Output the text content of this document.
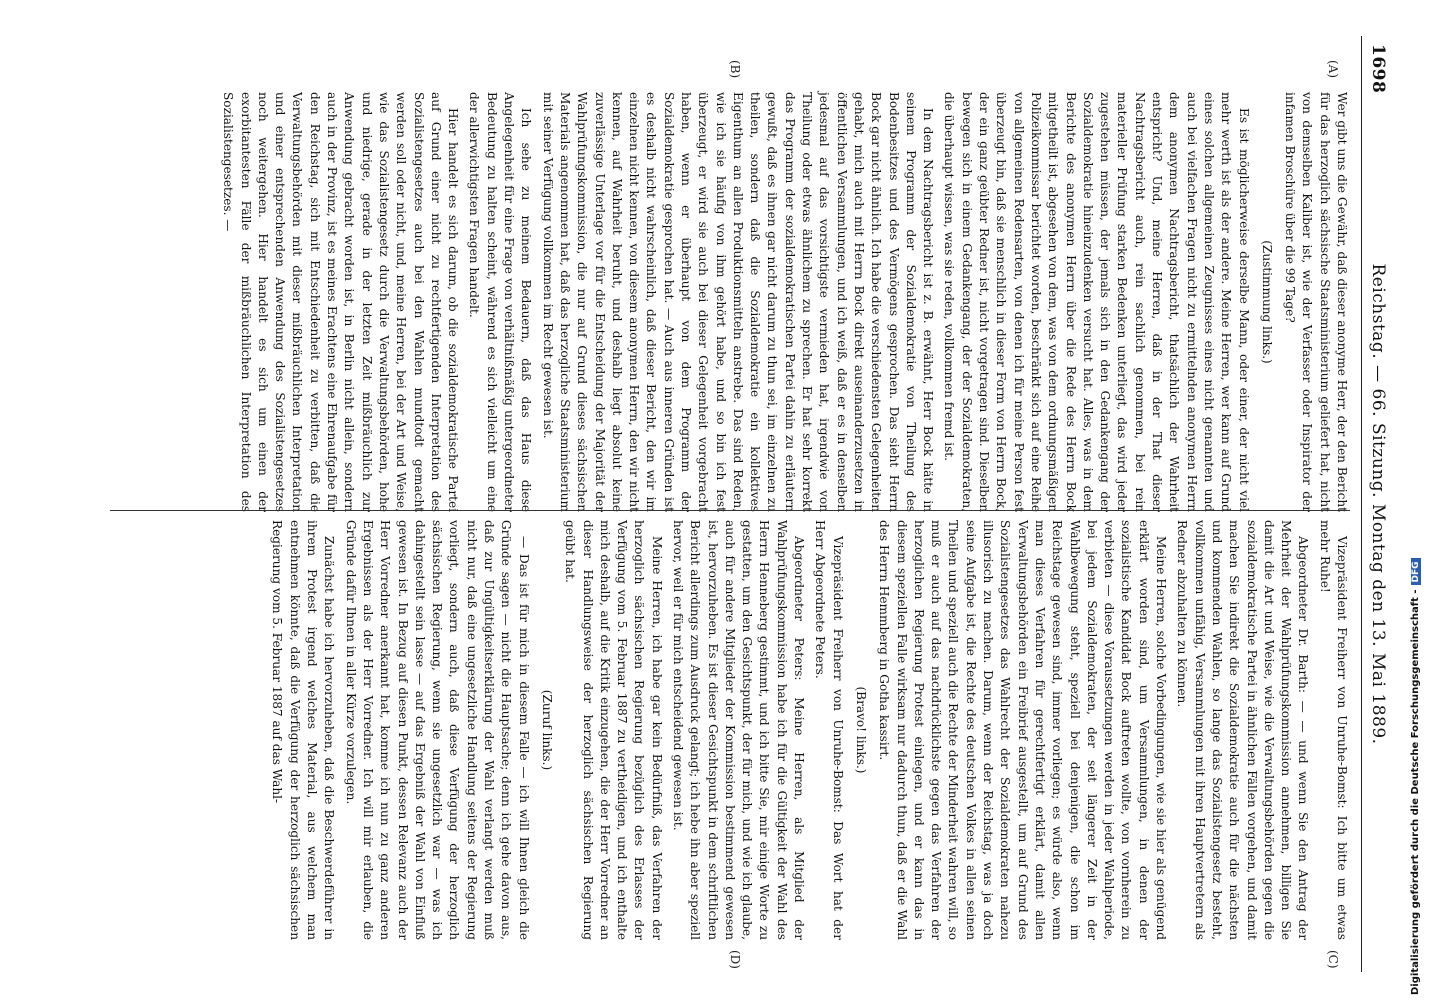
1698
Reichstag. — 66. Sitzung. Montag den 13. Mai 1889.
(A)
(B)
(C)
(D)

Wer gibt uns die Gewähr, daß dieser anonyme Herr, der den Bericht für das herzoglich sächsische Staatsministerium geliefert hat, nicht von demselben Kaliber ist, wie der Verfasser oder Inspirator der infamen Broschüre über die 99 Tage?

(Zustimmung links.)

Es ist möglicherweise derselbe Mann, oder einer, der nicht viel mehr werth ist als der andere. Meine Herren, wer kann auf Grund eines solchen allgemeinen Zeugnisses eines nicht genannten und auch bei vielfachen Fragen nicht zu ermittelnden anonymen Herrn dem anonymen Nachtragsbericht, thatsächlich der Wahrheit entspricht? Und, meine Herren, daß in der That dieser Nachtragsbericht auch, rein sachlich genommen, bei rein materieller Prüfung starken Bedenken unterliegt, das wird jeder zugestehen müssen, der jemals sich in den Gedankengang der Sozialdemokratie hineinzudenken versucht hat. Alles, was in dem Berichte des anonymen Herrn über die Rede des Herrn Bock mitgetheilt ist, abgesehen von dem, was von dem ordnungsmäßigen Polizeikommissar berichtet worden, beschränkt sich auf eine Reihe von allgemeinen Redensarten, von denen ich für meine Person fest überzeugt bin, daß sie menschlich in dieser Form von Herrn Bock, der ein ganz geübter Redner ist, nicht vorgetragen sind. Dieselben bewegen sich in einem Gedankengang, der der Sozialdemokraten, die überhaupt wissen, was sie reden, vollkommen fremd ist.

In dem Nachtragsbericht ist z. B. erwähnt, Herr Bock hätte in seinem Programm der Sozialdemokratie von Theilung des Bodenbesitzes und des Vermögens gesprochen. Das sieht Herrn Bock gar nicht ähnlich. Ich habe die verschiedensten Gelegenheiten gehabt, mich auch mit Herrn Bock direkt auseinanderzusetzen in öffentlichen Versammlungen, und ich weiß, daß er es in denselben jedesmal auf das vorsichtigste vermieden hat, irgendwie von Theilung oder etwas ähnlichem zu sprechen. Er hat sehr korrekt das Programm der sozialdemokratischen Partei dahin zu erläutern gewußt, daß es ihnen gar nicht darum zu thun sei, im einzelnen zu theilen, sondern daß die Sozialdemokratie ein kollektives Eigenthum an allen Produktionsmitteln anstrebe. Das sind Reden, wie ich sie häufig von ihm gehört habe, und so bin ich fest überzeugt, er wird sie auch bei dieser Gelegenheit vorgebracht haben, wenn er überhaupt von dem Programm der Sozialdemokratie gesprochen hat. — Auch aus inneren Gründen ist es deshalb nicht wahrscheinlich, daß dieser Bericht, den wir im einzelnen nicht kennen, von diesem anonymen Herrn, den wir nicht kennen, auf Wahrheit beruht, und deshalb liegt absolut keine zuverlässige Unterlage vor für die Entscheidung der Majorität der Wahlprüfungskommission, die nur auf Grund dieses sächsischen Materials angenommen hat, daß das herzogliche Staatsministerium mit seiner Verfügung vollkommen im Recht gewesen ist.

Ich sehe zu meinem Bedauern, daß das Haus diese Angelegenheit für eine Frage von verhältnißmäßig untergeordneter Bedeutung zu halten scheint, während es sich vielleicht um eine der allerwichtigsten Fragen handelt.

Hier handelt es sich darum, ob die sozialdemokratische Partei auf Grund einer nicht zu rechtfertigenden Interpretation des Sozialistengesetzes auch bei den Wahlen mundtodt gemacht werden soll oder nicht, und, meine Herren, bei der Art und Weise, wie das Sozialistengesetz durch die Verwaltungsbehörden, hohe und niedrige, gerade in der letzten Zeit mißbräuchlich zur Anwendung gebracht worden ist, in Berlin nicht allein, sondern auch in der Provinz, ist es meines Erachtens eine Ehrenaufgabe für den Reichstag, sich mit Entschiedenheit zu verbitten, daß die Verwaltungsbehörden mit dieser mißbräuchlichen Interpretation und einer entsprechenden Anwendung des Sozialistengesetzes noch weitergehen. Hier handelt es sich um einen der exorbitantesten Fälle der mißbräuchlichen Interpretation des Sozialistengesetzes. —

Vizepräsident Freiherr von Unruhe-Bomst: Ich bitte um etwas mehr Ruhe!

Abgeordneter Dr. Barth: — — und wenn Sie den Antrag der Mehrheit der Wahlprüfungskommission annehmen, billigen Sie damit die Art und Weise, wie die Verwaltungsbehörden gegen die sozialdemokratische Partei in ähnlichen Fällen vorgehen, und damit machen Sie indirekt die Sozialdemokratie auch für die nächsten und kommenden Wahlen, so lange das Sozialistengesetz besteht, vollkommen unfähig, Versammlungen mit ihren Hauptvertretern als Redner abzuhalten zu können.

Meine Herren, solche Vorbedingungen, wie sie hier als genügend erklärt worden sind, um Versammlungen, in denen der sozialistische Kandidat Bock auftreten wollte, von vornherein zu verbieten — diese Voraussetzungen werden in jeder Wahlperiode, bei jedem Sozialdemokraten, der seit längerer Zeit in der Wahlbewegung steht, speziell bei denjenigen, die schon im Reichstage gewesen sind, immer vorliegen; es würde also, wenn man dieses Verfahren für gerechtfertigt erklärt, damit allen Verwaltungsbehörden ein Freibrief ausgestellt, um auf Grund des Sozialistengesetzes das Wahlrecht der Sozialdemokraten nahezu illusorisch zu machen. Darum, wenn der Reichstag, was ja doch seine Aufgabe ist, die Rechte des deutschen Volkes in allen seinen Theilen und speziell auch die Rechte der Minderheit wahren will, so muß er auch auf das nachdrücklichste gegen das Verfahren der herzoglichen Regierung Protest einlegen, und er kann das in diesem speziellen Falle wirksam nur dadurch thun, daß er die Wahl des Herrn Hemmberg in Gotha kassirt.

(Bravo! links.)

Vizepräsident Freiherr von Unruhe-Bomst: Das Wort hat der Herr Abgeordnete Peters.

Abgeordneter Peters: Meine Herren, als Mitglied der Wahlprüfungskommission habe ich für die Gültigkeit der Wahl des Herrn Henneberg gestimmt, und ich bitte Sie, mir einige Worte zu gestatten, um den Gesichtspunkt, der für mich, und wie ich glaube, auch für andere Mitglieder der Kommission bestimmend gewesen ist, hervorzuheben. Es ist dieser Gesichtspunkt in dem schriftlichen Bericht allerdings zum Ausdruck gelangt; ich hebe ihn aber speziell hervor, weil er für mich entscheidend gewesen ist.

Meine Herren, ich habe gar kein Bedürfniß, das Verfahren der herzoglich sächsischen Regierung bezüglich des Erlasses der Verfügung vom 5. Februar 1887 zu vertheidigen, und ich enthalte mich deshalb, auf die Kritik einzugehen, die der Herr Vorredner an dieser Handlungsweise der herzoglich sächsischen Regierung geübt hat.

(Zuruf links.)

— Das ist für mich in diesem Falle — ich will Ihnen gleich die Gründe sagen — nicht die Hauptsache; denn ich gehe davon aus, daß zur Ungültigkeitserklärung der Wahl verlangt werden muß nicht nur, daß eine ungesetzliche Handlung seitens der Regierung vorliegt, sondern auch, daß diese Verfügung der herzoglich sächsischen Regierung, wenn sie ungesetzlich war — was ich dahingestellt sein lasse — auf das Ergebniß der Wahl von Einfluß gewesen ist. In Bezug auf diesen Punkt, dessen Relevanz auch der Herr Vorredner anerkannt hat, komme ich nun zu ganz anderen Ergebnissen als der Herr Vorredner. Ich will mir erlauben, die Gründe dafür Ihnen in aller Kürze vorzulegen.

Zunächst habe ich hervorzuheben, daß die Beschwerdeführer in ihrem Protest irgend welches Material, aus welchem man entnehmen könnte, daß die Verfügung der herzoglich sächsischen Regierung vom 5. Februar 1887 auf das Wahl-	Digitalisierung gefördert durch die Deutsche Forschungsgemeinschaft -DFG
